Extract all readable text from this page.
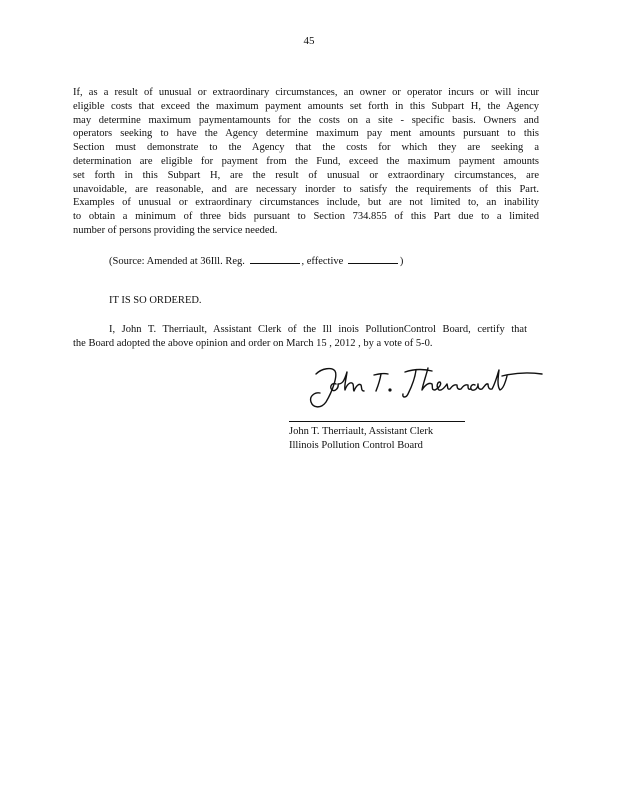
45
If, as a result of unusual or extraordinary circumstances, an owner or operator incurs or will incur
eligible costs that exceed the maximum payment amounts set forth in this Subpart H, the Agency
may determine maximum paymentamounts for the costs on a site - specific basis. Owners and
operators seeking to have the Agency determine maximum pay ment amounts pursuant to this
Section must demonstrate to the Agency that the costs for which they are seeking a
determination are eligible for payment from the Fund, exceed the maximum payment amounts
set forth in this Subpart H, are the result of unusual or extraordinary circumstances, are
unavoidable, are reasonable, and are necessary inorder to satisfy the requirements of this Part.
Examples of unusual or extraordinary circumstances include, but are not limited to, an inability
to obtain a minimum of three bids pursuant to Section 734.855 of this Part due to a limited
number of persons providing the service needed.
(Source: Amended at 36Ill. Reg.	, effective	)
IT IS SO ORDERED.
I, John T. Therriault, Assistant Clerk of the Ill inois PollutionControl Board, certify that
the Board adopted the above opinion and order on March 15 , 2012 , by a vote of 5-0.
John T. Therriault, Assistant Clerk
Illinois Pollution Control Board
